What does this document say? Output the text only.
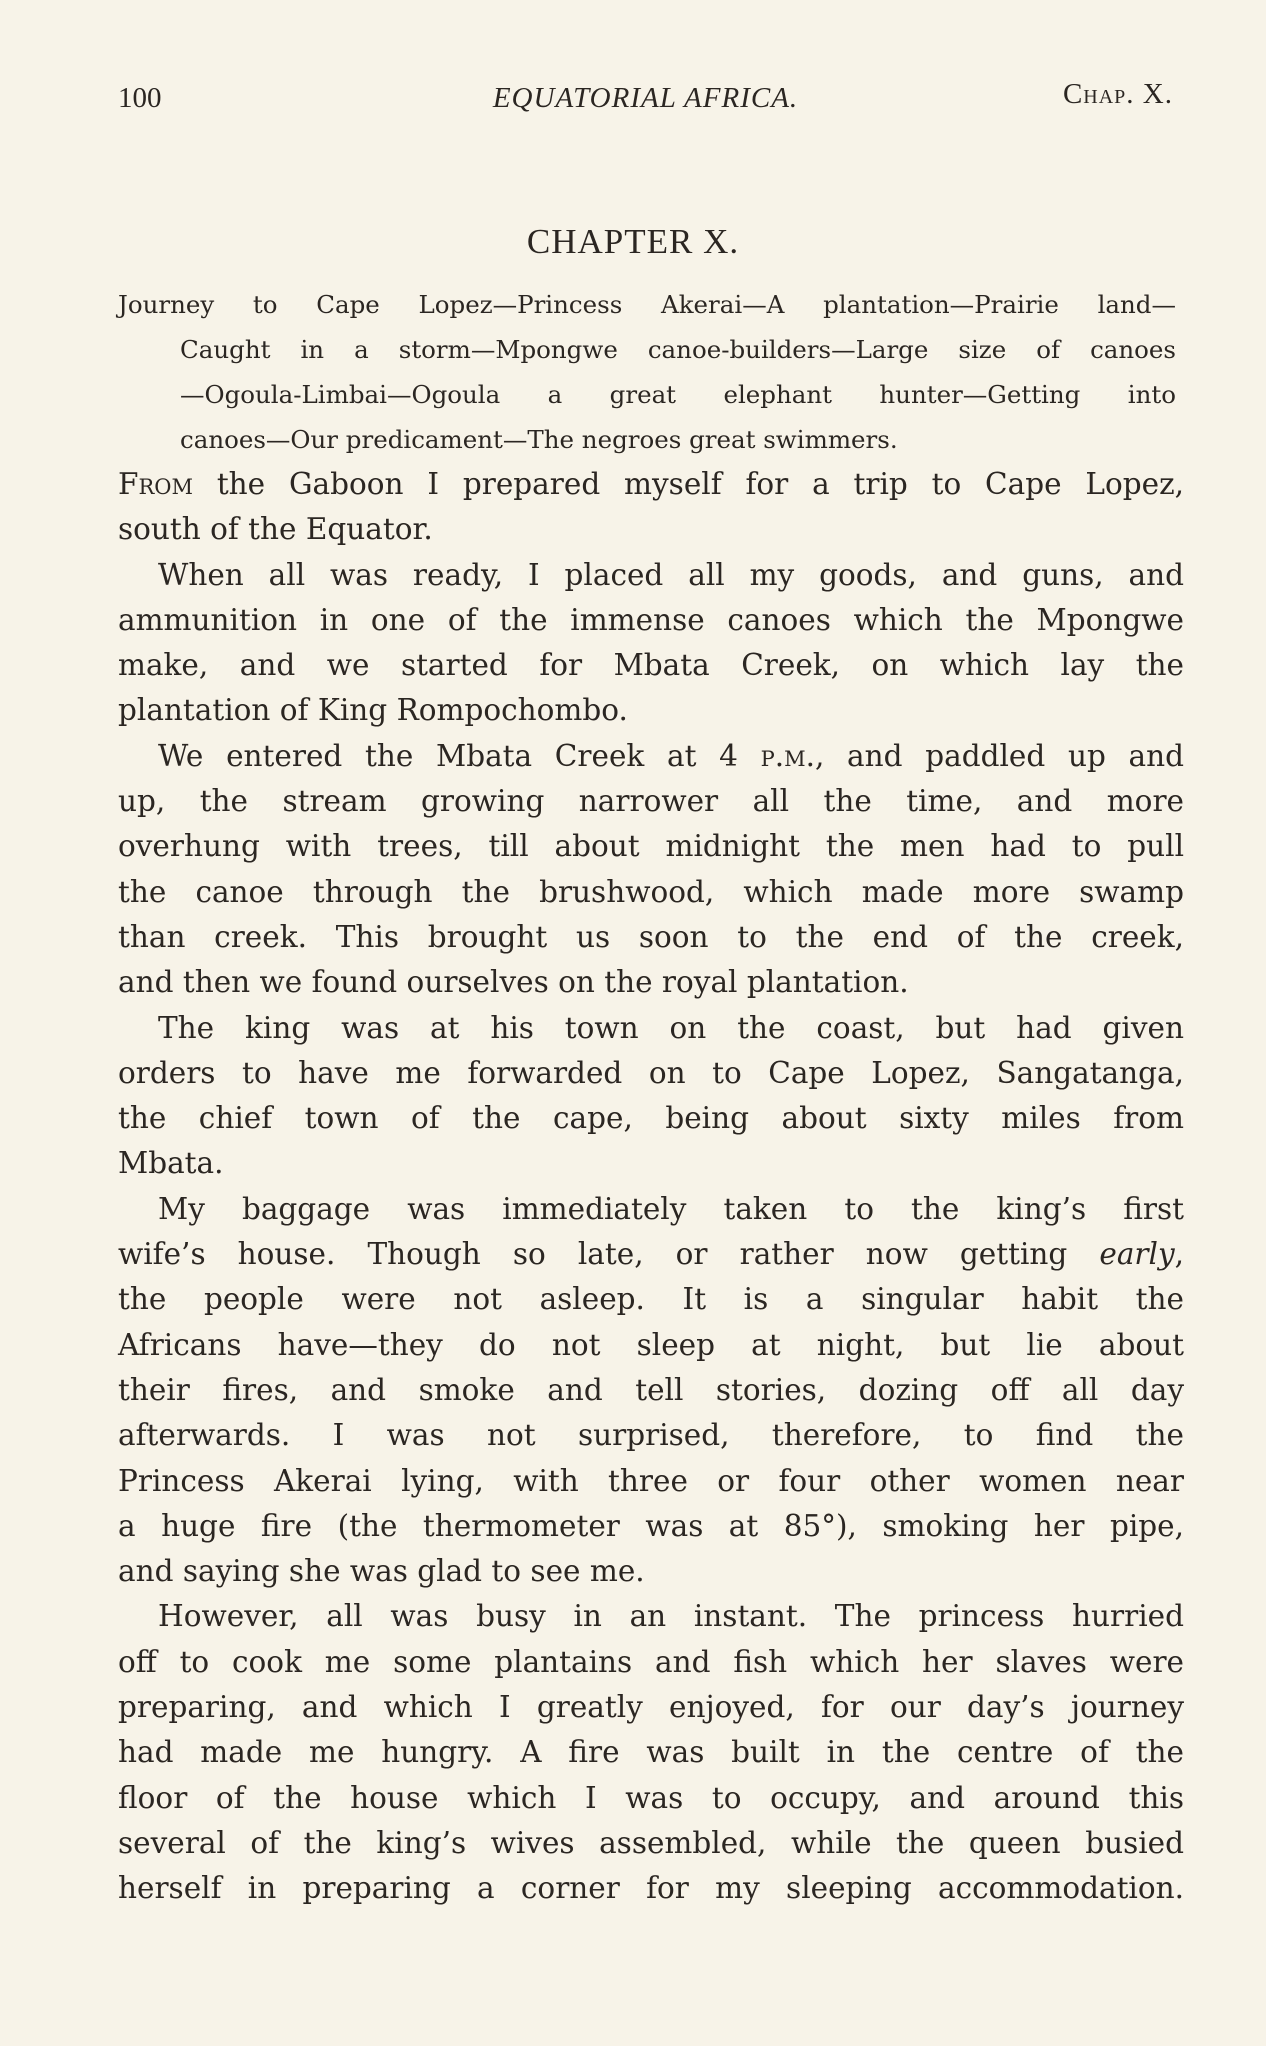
100	EQUATORIAL AFRICA.	Chap. X.
CHAPTER X.
Journey to Cape Lopez—Princess Akerai—A plantation—Prairie land—
Caught in a storm—Mpongwe canoe-builders—Large size of canoes
—Ogoula-Limbai—Ogoula a great elephant hunter—Getting into
canoes—Our predicament—The negroes great swimmers.
From the Gaboon I prepared myself for a trip to Cape Lopez,
south of the Equator.
When all was ready, I placed all my goods, and guns, and
ammunition in one of the immense canoes which the Mpongwe
make, and we started for Mbata Creek, on which lay the
plantation of King Rompochombo.
We entered the Mbata Creek at 4 p.m., and paddled up and
up, the stream growing narrower all the time, and more
overhung with trees, till about midnight the men had to pull
the canoe through the brushwood, which made more swamp
than creek. This brought us soon to the end of the creek,
and then we found ourselves on the royal plantation.
The king was at his town on the coast, but had given
orders to have me forwarded on to Cape Lopez, Sangatanga,
the chief town of the cape, being about sixty miles from
Mbata.
My baggage was immediately taken to the king’s first
wife’s house. Though so late, or rather now getting early,
the people were not asleep. It is a singular habit the
Africans have—they do not sleep at night, but lie about
their fires, and smoke and tell stories, dozing off all day
afterwards. I was not surprised, therefore, to find the
Princess Akerai lying, with three or four other women near
a huge fire (the thermometer was at 85°), smoking her pipe,
and saying she was glad to see me.
However, all was busy in an instant. The princess hurried
off to cook me some plantains and fish which her slaves were
preparing, and which I greatly enjoyed, for our day’s journey
had made me hungry. A fire was built in the centre of the
floor of the house which I was to occupy, and around this
several of the king’s wives assembled, while the queen busied
herself in preparing a corner for my sleeping accommodation.
